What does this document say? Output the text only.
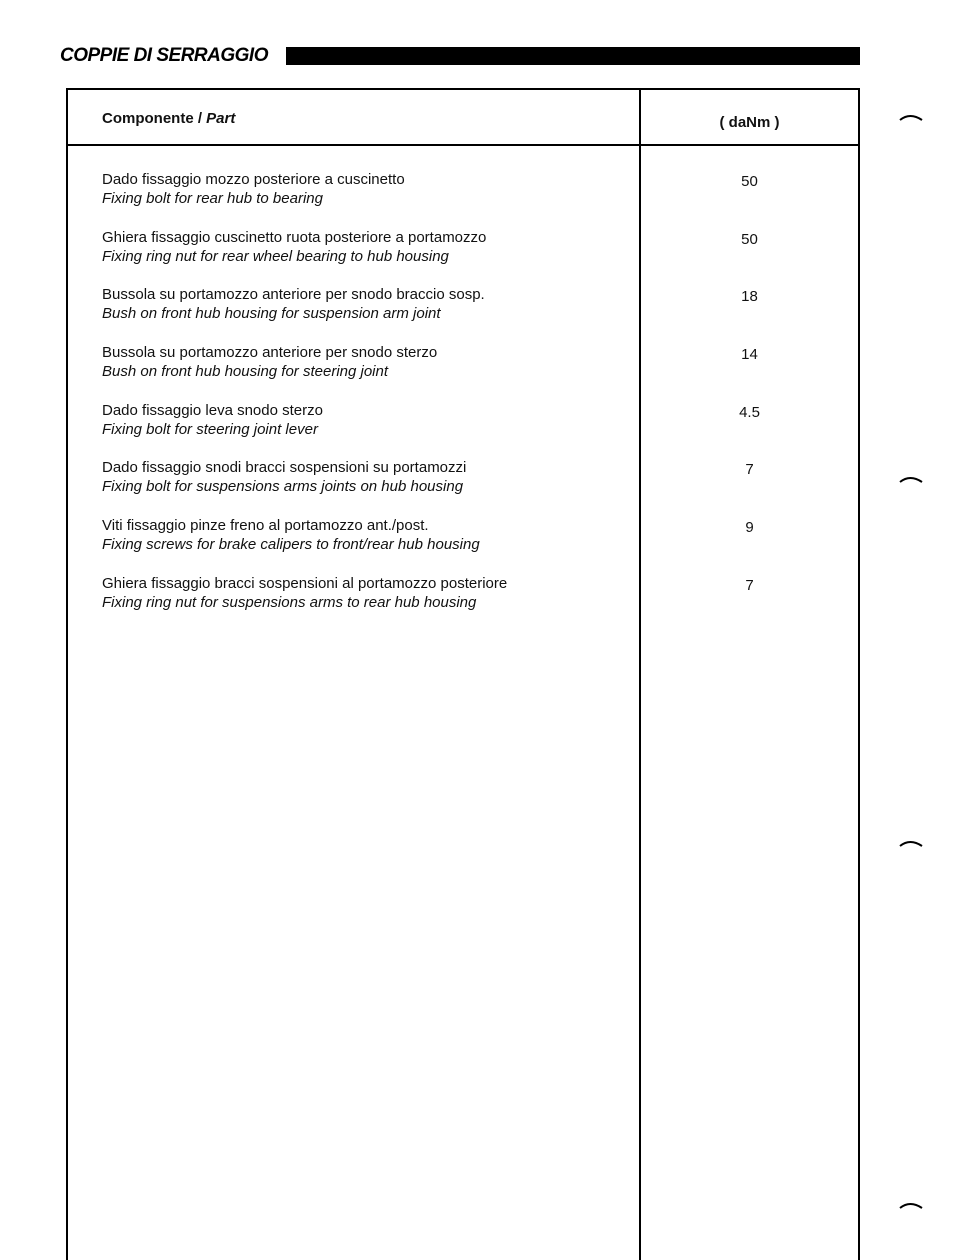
COPPIE DI SERRAGGIO
Componente / Part	( daNm )
Dado fissaggio mozzo posteriore a cuscinetto
Fixing bolt for rear hub to bearing
50
Ghiera fissaggio cuscinetto ruota posteriore a portamozzo
Fixing ring nut for rear wheel bearing to hub housing
50
Bussola su portamozzo anteriore per snodo braccio sosp.
Bush on front hub housing for suspension arm joint
18
Bussola su portamozzo anteriore per snodo sterzo
Bush on front hub housing for steering joint
14
Dado fissaggio leva snodo sterzo
Fixing bolt for steering joint lever
4.5
Dado fissaggio snodi bracci sospensioni su portamozzi
Fixing bolt for suspensions arms joints on hub housing
7
Viti fissaggio pinze freno al portamozzo ant./post.
Fixing screws for brake calipers to front/rear hub housing
9
Ghiera fissaggio bracci sospensioni al portamozzo posteriore
Fixing ring nut for suspensions arms to rear hub housing
7
